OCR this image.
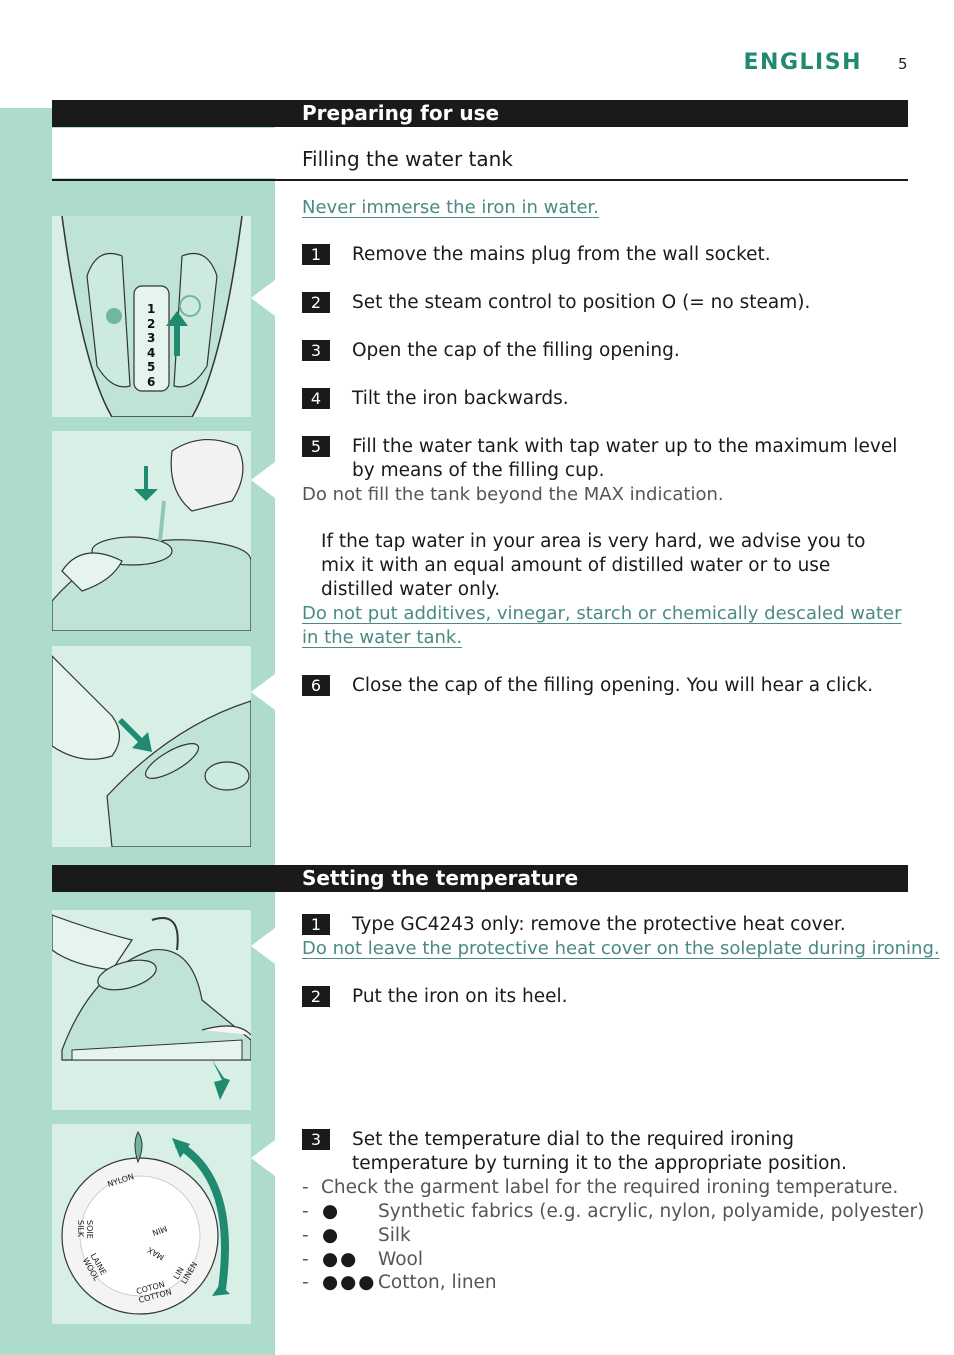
ENGLISH 5
Preparing for use
Filling the water tank
Never immerse the iron in water.
1	Remove the mains plug from the wall socket.
2	Set the steam control to position O (= no steam).
3	Open the cap of the filling opening.
4	Tilt the iron backwards.
5	Fill the water tank with tap water up to the maximum level by means of the filling cup.
Do not fill the tank beyond the MAX indication.
If the tap water in your area is very hard, we advise you to mix it with an equal amount of distilled water or to use distilled water only.
Do not put additives, vinegar, starch or chemically descaled water in the water tank.
6	Close the cap of the filling opening. You will hear a click.
1
2
3
4
5
6
Setting the temperature
1	Type GC4243 only: remove the protective heat cover.
Do not leave the protective heat cover on the soleplate during ironing.
2	Put the iron on its heel.
3	Set the temperature dial to the required ironing temperature by turning it to the appropriate position.
- Check the garment label for the required ironing temperature.
- ● Synthetic fabrics (e.g. acrylic, nylon, polyamide, polyester)
- ● Silk
- ●● Wool
- ●●● Cotton, linen
NYLON
MIN
SOIE SILK
LAINE WOOL
MAX
COTON COTTON
LIN LINEN
